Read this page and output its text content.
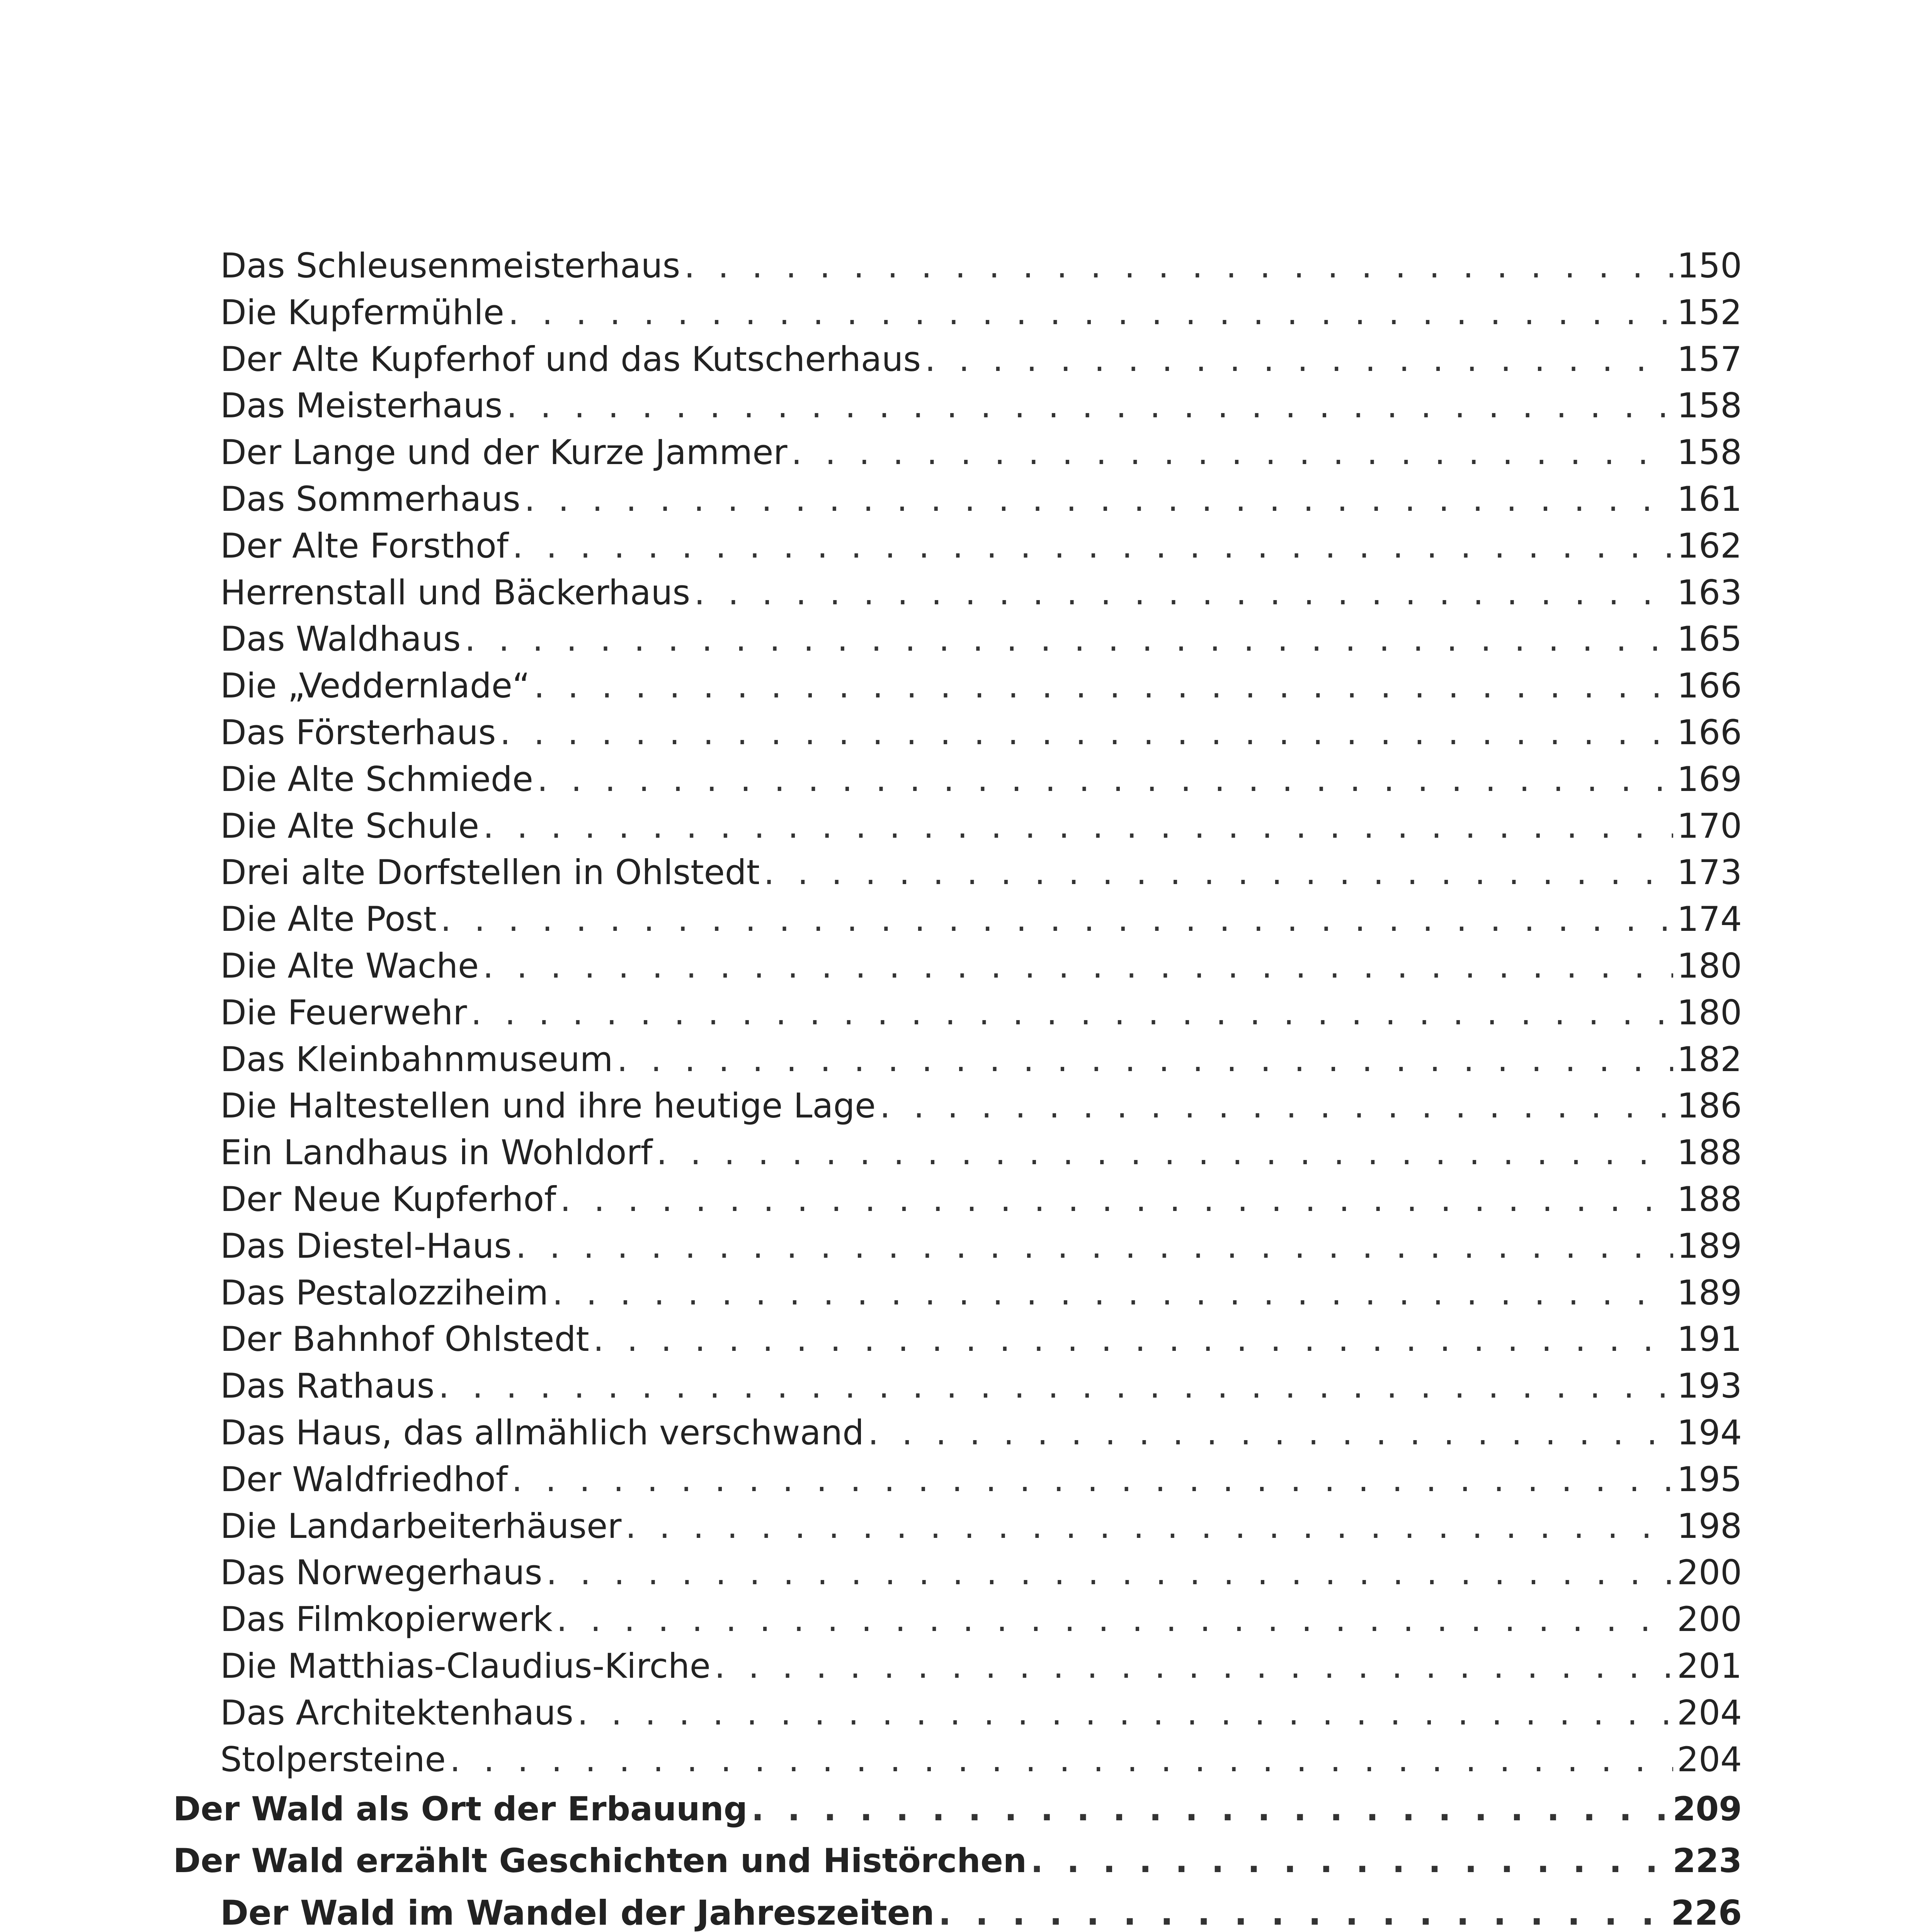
Das Schleusenmeisterhaus . . .	150
Die Kupfermühle . . .	152
Der Alte Kupferhof und das Kutscherhaus . . .	157
Das Meisterhaus . . .	158
Der Lange und der Kurze Jammer . . .	158
Das Sommerhaus . . .	161
Der Alte Forsthof . . .	162
Herrenstall und Bäckerhaus . . .	163
Das Waldhaus . . .	165
Die „Veddernlade“ . . .	166
Das Försterhaus . . .	166
Die Alte Schmiede . . .	169
Die Alte Schule . . .	170
Drei alte Dorfstellen in Ohlstedt . . .	173
Die Alte Post . . .	174
Die Alte Wache . . .	180
Die Feuerwehr . . .	180
Das Kleinbahnmuseum . . .	182
Die Haltestellen und ihre heutige Lage . . .	186
Ein Landhaus in Wohldorf . . .	188
Der Neue Kupferhof . . .	188
Das Diestel-Haus . . .	189
Das Pestalozziheim . . .	189
Der Bahnhof Ohlstedt . . .	191
Das Rathaus . . .	193
Das Haus, das allmählich verschwand . . .	194
Der Waldfriedhof . . .	195
Die Landarbeiterhäuser . . .	198
Das Norwegerhaus . . .	200
Das Filmkopierwerk . . .	200
Die Matthias-Claudius-Kirche . . .	201
Das Architektenhaus . . .	204
Stolpersteine . . .	204
Der Wald als Ort der Erbauung . . .	209
Der Wald erzählt Geschichten und Histörchen . . .	223
Der Wald im Wandel der Jahreszeiten . . .	226
